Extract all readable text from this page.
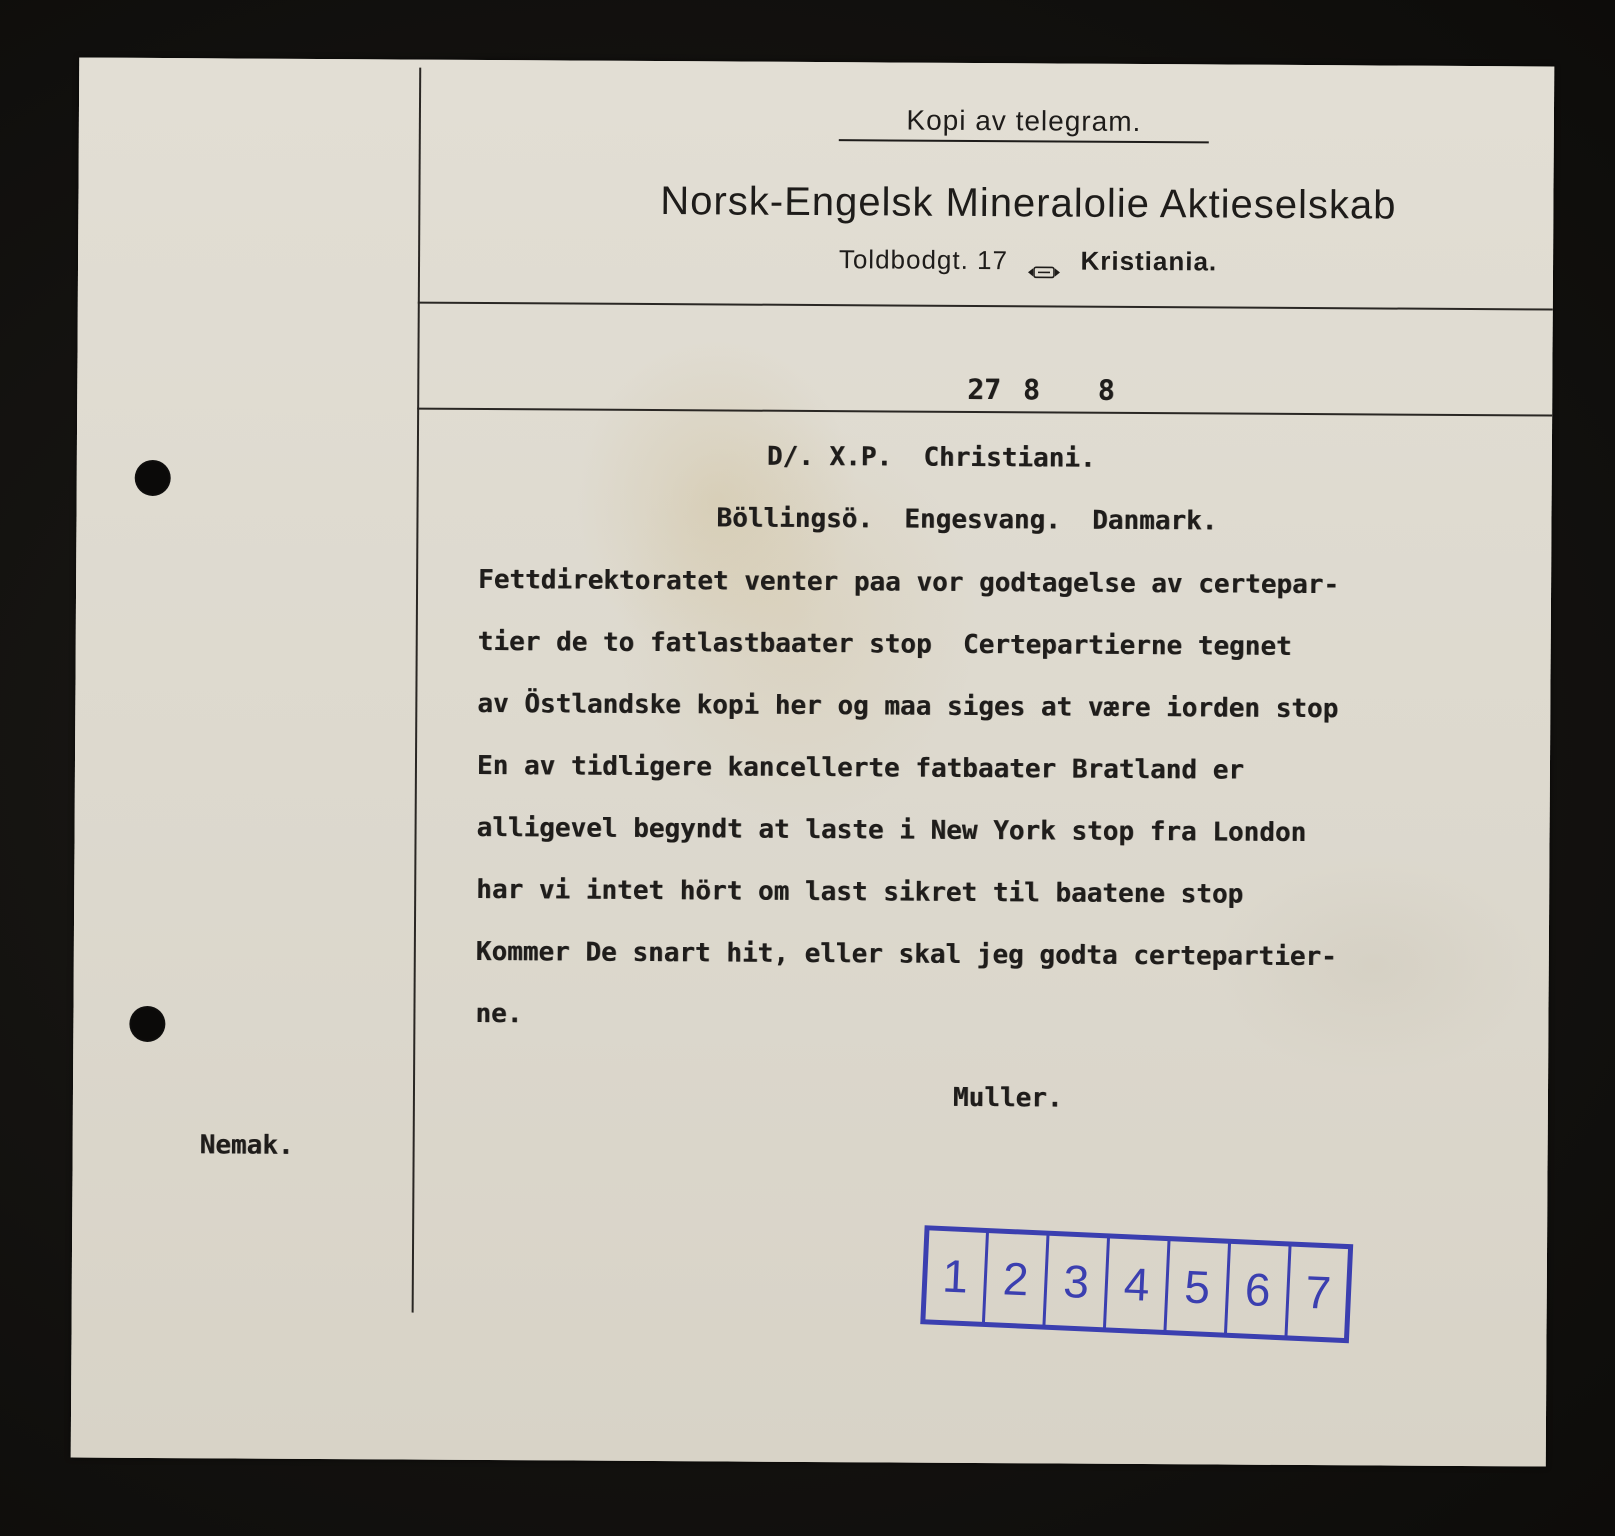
Kopi av telegram.
Norsk-Engelsk Mineralolie Aktieselskab
Toldbodgt. 17	Kristiania.
27 8 8
D/. X.P.  Christiani.
Böllingsö.  Engesvang.  Danmark.
Fettdirektoratet venter paa vor godtagelse av certepar-
tier de to fatlastbaater stop  Certepartierne tegnet
av Östlandske kopi her og maa siges at være iorden stop
En av tidligere kancellerte fatbaater Bratland er
alligevel begyndt at laste i New York stop fra London
har vi intet hört om last sikret til baatene stop
Kommer De snart hit, eller skal jeg godta certepartier-
ne.
Muller.
Nemak.
1 2 3 4 5 6 7
